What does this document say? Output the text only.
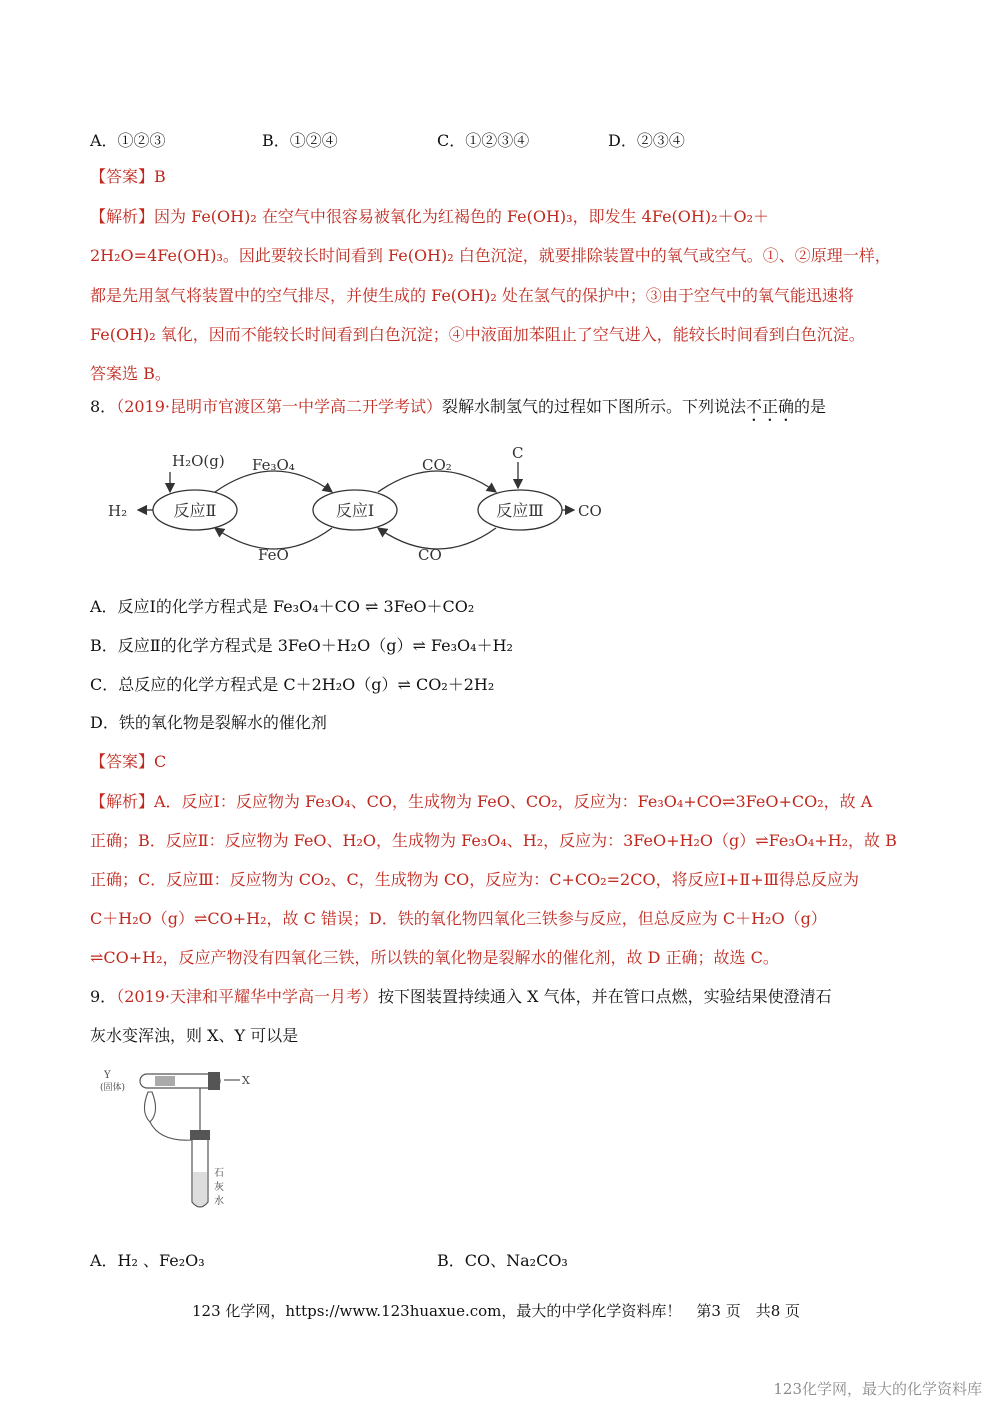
A．①②③	B．①②④	C．①②③④	D．②③④
【答案】B
【解析】因为 Fe(OH)₂ 在空气中很容易被氧化为红褐色的 Fe(OH)₃，即发生 4Fe(OH)₂＋O₂＋
2H₂O=4Fe(OH)₃。因此要较长时间看到 Fe(OH)₂ 白色沉淀，就要排除装置中的氧气或空气。①、②原理一样，
都是先用氢气将装置中的空气排尽，并使生成的 Fe(OH)₂ 处在氢气的保护中；③由于空气中的氧气能迅速将
Fe(OH)₂ 氧化，因而不能较长时间看到白色沉淀；④中液面加苯阻止了空气进入，能较长时间看到白色沉淀。
答案选 B。
8．（2019·昆明市官渡区第一中学高二开学考试）裂解水制氢气的过程如下图所示。下列说法不正确的是
反应Ⅱ	反应Ⅰ	反应Ⅲ
H₂
H₂O(g) Fe₃O₄
FeO
CO₂
CO
C
CO
A．反应Ⅰ的化学方程式是 Fe₃O₄＋CO ⇌ 3FeO＋CO₂
B．反应Ⅱ的化学方程式是 3FeO＋H₂O（g）⇌ Fe₃O₄＋H₂
C．总反应的化学方程式是 C＋2H₂O（g）⇌ CO₂＋2H₂
D．铁的氧化物是裂解水的催化剂
【答案】C
【解析】A．反应Ⅰ：反应物为 Fe₃O₄、CO，生成物为 FeO、CO₂，反应为：Fe₃O₄+CO⇌3FeO+CO₂，故 A
正确；B．反应Ⅱ：反应物为 FeO、H₂O，生成物为 Fe₃O₄、H₂，反应为：3FeO+H₂O（g）⇌Fe₃O₄+H₂，故 B
正确；C．反应Ⅲ：反应物为 CO₂、C，生成物为 CO，反应为：C+CO₂=2CO，将反应Ⅰ+Ⅱ+Ⅲ得总反应为
C＋H₂O（g）⇌CO+H₂，故 C 错误；D．铁的氧化物四氧化三铁参与反应，但总反应为 C＋H₂O（g）
⇌CO+H₂，反应产物没有四氧化三铁，所以铁的氧化物是裂解水的催化剂，故 D 正确；故选 C。
9．（2019·天津和平耀华中学高一月考）按下图装置持续通入 X 气体，并在管口点燃，实验结果使澄清石
灰水变浑浊，则 X、Y 可以是
X
Y
(固体)
石
灰
水
A．H₂ 、Fe₂O₃	B．CO、Na₂CO₃
123 化学网，https://www.123huaxue.com，最大的中学化学资料库！　第3 页　共8 页
123化学网，最大的化学资料库
